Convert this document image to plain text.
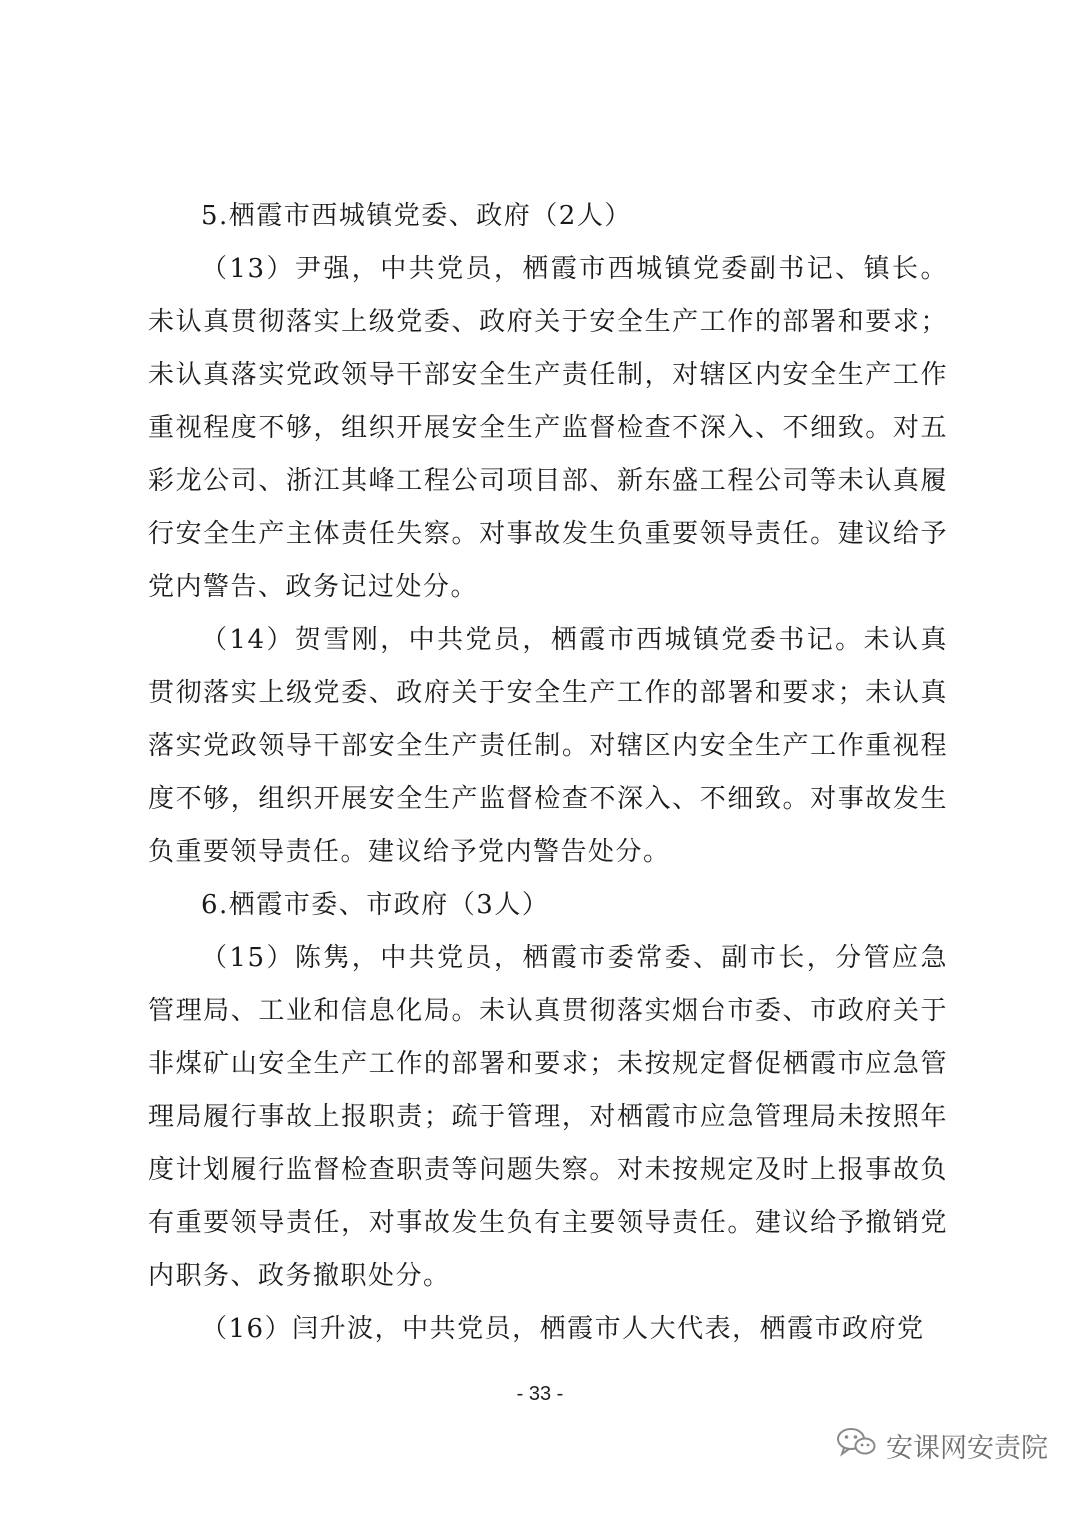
5.栖霞市西城镇党委、政府（2人）

（13）尹强，中共党员，栖霞市西城镇党委副书记、镇长。未认真贯彻落实上级党委、政府关于安全生产工作的部署和要求；未认真落实党政领导干部安全生产责任制，对辖区内安全生产工作重视程度不够，组织开展安全生产监督检查不深入、不细致。对五彩龙公司、浙江其峰工程公司项目部、新东盛工程公司等未认真履行安全生产主体责任失察。对事故发生负重要领导责任。建议给予党内警告、政务记过处分。

（14）贺雪刚，中共党员，栖霞市西城镇党委书记。未认真贯彻落实上级党委、政府关于安全生产工作的部署和要求；未认真落实党政领导干部安全生产责任制。对辖区内安全生产工作重视程度不够，组织开展安全生产监督检查不深入、不细致。对事故发生负重要领导责任。建议给予党内警告处分。

6.栖霞市委、市政府（3人）

（15）陈隽，中共党员，栖霞市委常委、副市长，分管应急管理局、工业和信息化局。未认真贯彻落实烟台市委、市政府关于非煤矿山安全生产工作的部署和要求；未按规定督促栖霞市应急管理局履行事故上报职责；疏于管理，对栖霞市应急管理局未按照年度计划履行监督检查职责等问题失察。对未按规定及时上报事故负有重要领导责任，对事故发生负有主要领导责任。建议给予撤销党内职务、政务撤职处分。

（16）闫升波，中共党员，栖霞市人大代表，栖霞市政府党

- 33 -
安课网安责院
